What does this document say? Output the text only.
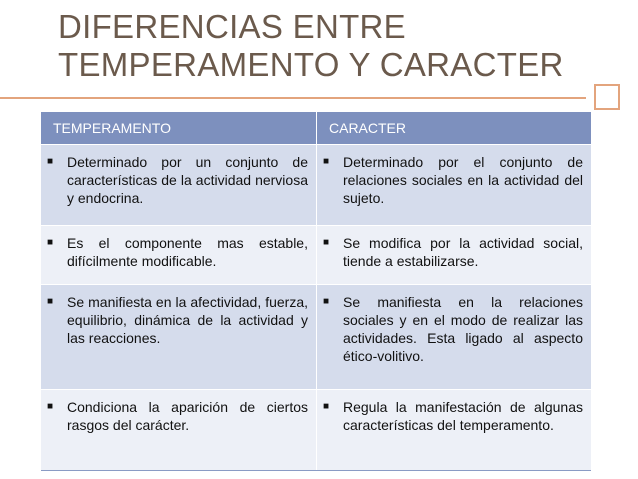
DIFERENCIAS ENTRE
TEMPERAMENTO Y CARACTER
TEMPERAMENTO	CARACTER
■ Determinado por un conjunto de características de la actividad nerviosa y endocrina.
■ Determinado por el conjunto de relaciones sociales en la actividad del sujeto.
■ Es el componente mas estable, difícilmente modificable.
■ Se modifica por la actividad social, tiende a estabilizarse.
■ Se manifiesta en la afectividad, fuerza, equilibrio, dinámica de la actividad y las reacciones.
■ Se manifiesta en la relaciones sociales y en el modo de realizar las actividades. Esta ligado al aspecto ético-volitivo.
■ Condiciona la aparición de ciertos rasgos del carácter.
■ Regula la manifestación de algunas características del temperamento.
